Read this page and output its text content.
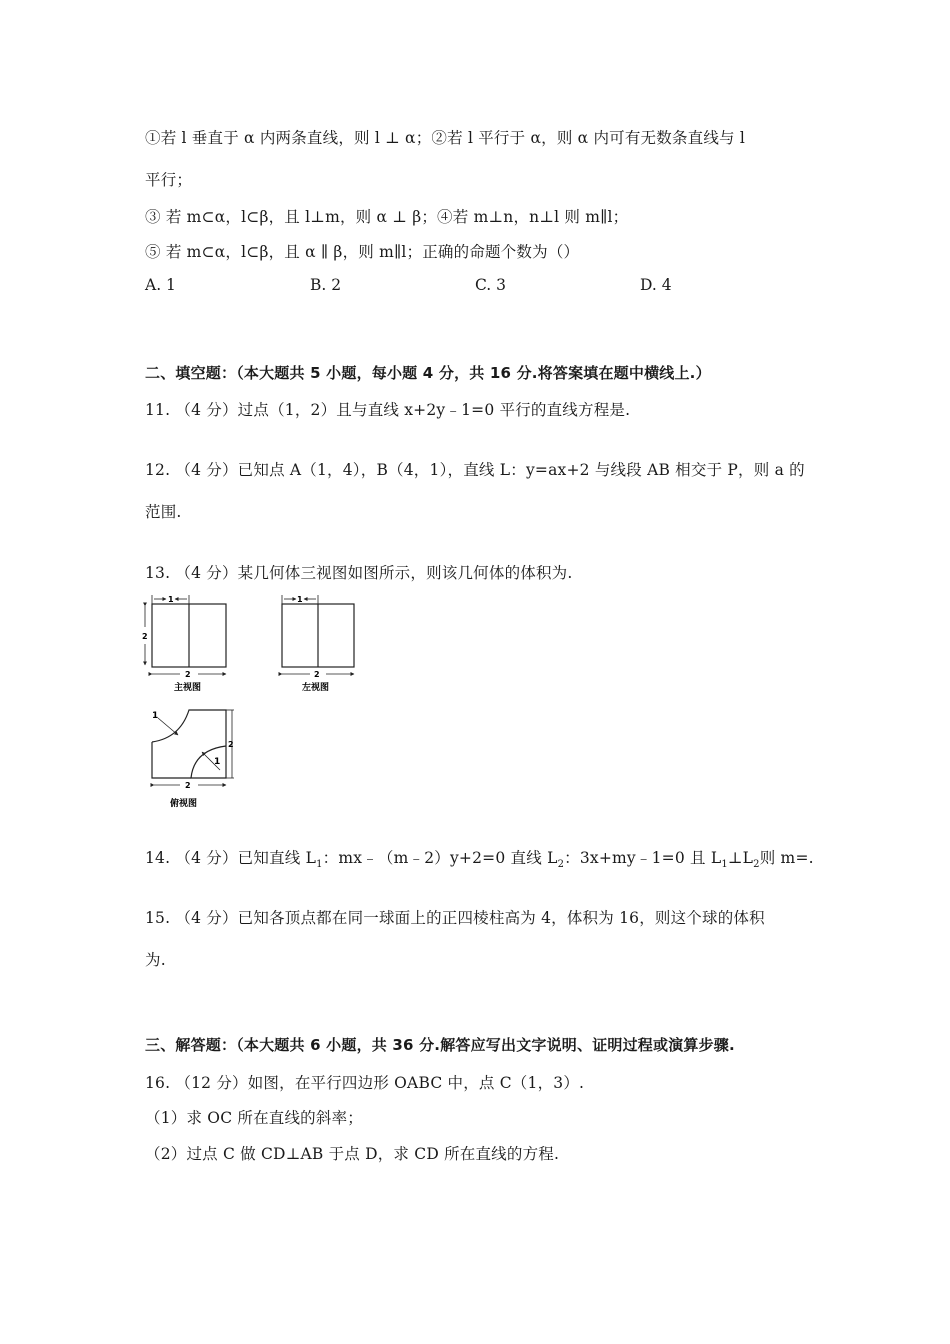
①若 l 垂直于 α 内两条直线，则 l ⊥ α；②若 l 平行于 α，则 α 内可有无数条直线与 l
平行；
③ 若 m⊂α，l⊂β，且 l⊥m，则 α ⊥ β；④若 m⊥n，n⊥l 则 m∥l；
⑤ 若 m⊂α，l⊂β，且 α ∥ β，则 m∥l；正确的命题个数为（）
A. 1	B. 2	C. 3	D. 4
二、填空题：（本大题共 5 小题，每小题 4 分，共 16 分.将答案填在题中横线上.）
11. （4 分）过点（1，2）且与直线 x+2y﹣1=0 平行的直线方程是.
12. （4 分）已知点 A（1，4），B（4，1），直线 L：y=ax+2 与线段 AB 相交于 P，则 a 的
范围.
13. （4 分）某几何体三视图如图所示，则该几何体的体积为.
1
2
2
主视图
1
2
左视图
2
1
1
2
俯视图
14. （4 分）已知直线 $L_1$：mx﹣（m﹣2）y+2=0 直线 $L_2$：3x+my﹣1=0 且 $L_1\perp L_2$则 m=.
15. （4 分）已知各顶点都在同一球面上的正四棱柱高为 4，体积为 16，则这个球的体积
为.
三、解答题：（本大题共 6 小题，共 36 分.解答应写出文字说明、证明过程或演算步骤.
16. （12 分）如图，在平行四边形 OABC 中，点 C（1，3）.
（1）求 OC 所在直线的斜率；
（2）过点 C 做 CD⊥AB 于点 D，求 CD 所在直线的方程.
